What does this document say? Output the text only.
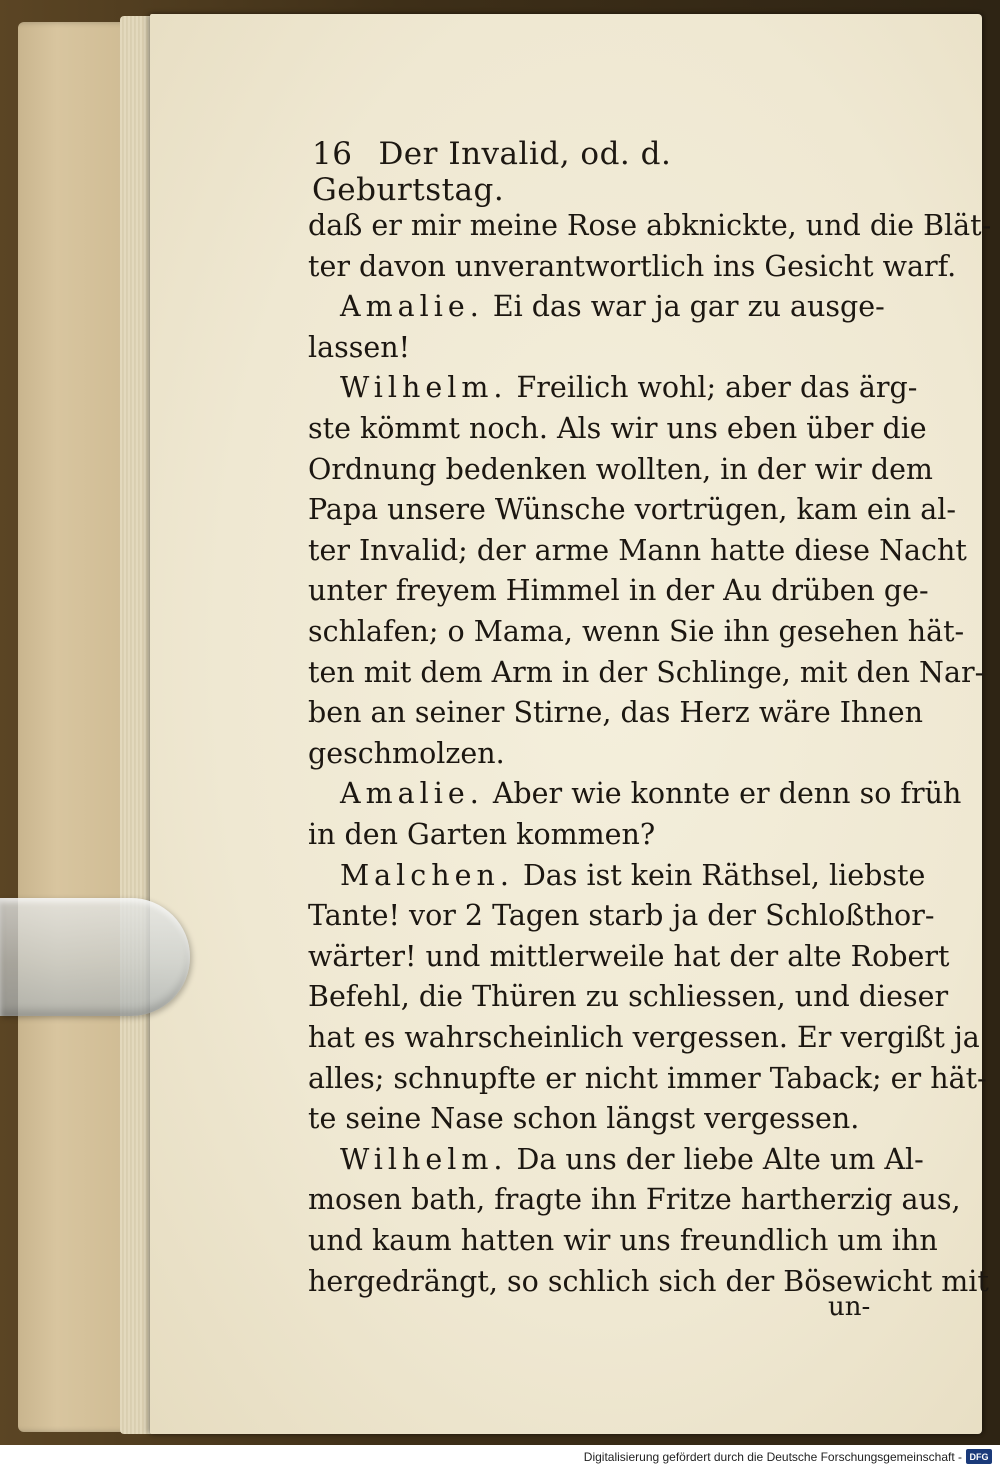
16 Der Invalid, od. d. Geburtstag.
daß er mir meine Rose abknickte, und die Blät-
ter davon unverantwortlich ins Gesicht warf.
Amalie. Ei das war ja gar zu ausge-
lassen!
Wilhelm. Freilich wohl; aber das ärg-
ste kömmt noch. Als wir uns eben über die
Ordnung bedenken wollten, in der wir dem
Papa unsere Wünsche vortrügen, kam ein al-
ter Invalid; der arme Mann hatte diese Nacht
unter freyem Himmel in der Au drüben ge-
schlafen; o Mama, wenn Sie ihn gesehen hät-
ten mit dem Arm in der Schlinge, mit den Nar-
ben an seiner Stirne, das Herz wäre Ihnen
geschmolzen.
Amalie. Aber wie konnte er denn so früh
in den Garten kommen?
Malchen. Das ist kein Räthsel, liebste
Tante! vor 2 Tagen starb ja der Schloßthor-
wärter! und mittlerweile hat der alte Robert
Befehl, die Thüren zu schliessen, und dieser
hat es wahrscheinlich vergessen. Er vergißt ja
alles; schnupfte er nicht immer Taback; er hät-
te seine Nase schon längst vergessen.
Wilhelm. Da uns der liebe Alte um Al-
mosen bath, fragte ihn Fritze hartherzig aus,
und kaum hatten wir uns freundlich um ihn
hergedrängt, so schlich sich der Bösewicht mit
un-
Digitalisierung gefördert durch die Deutsche Forschungsgemeinschaft - DFG
